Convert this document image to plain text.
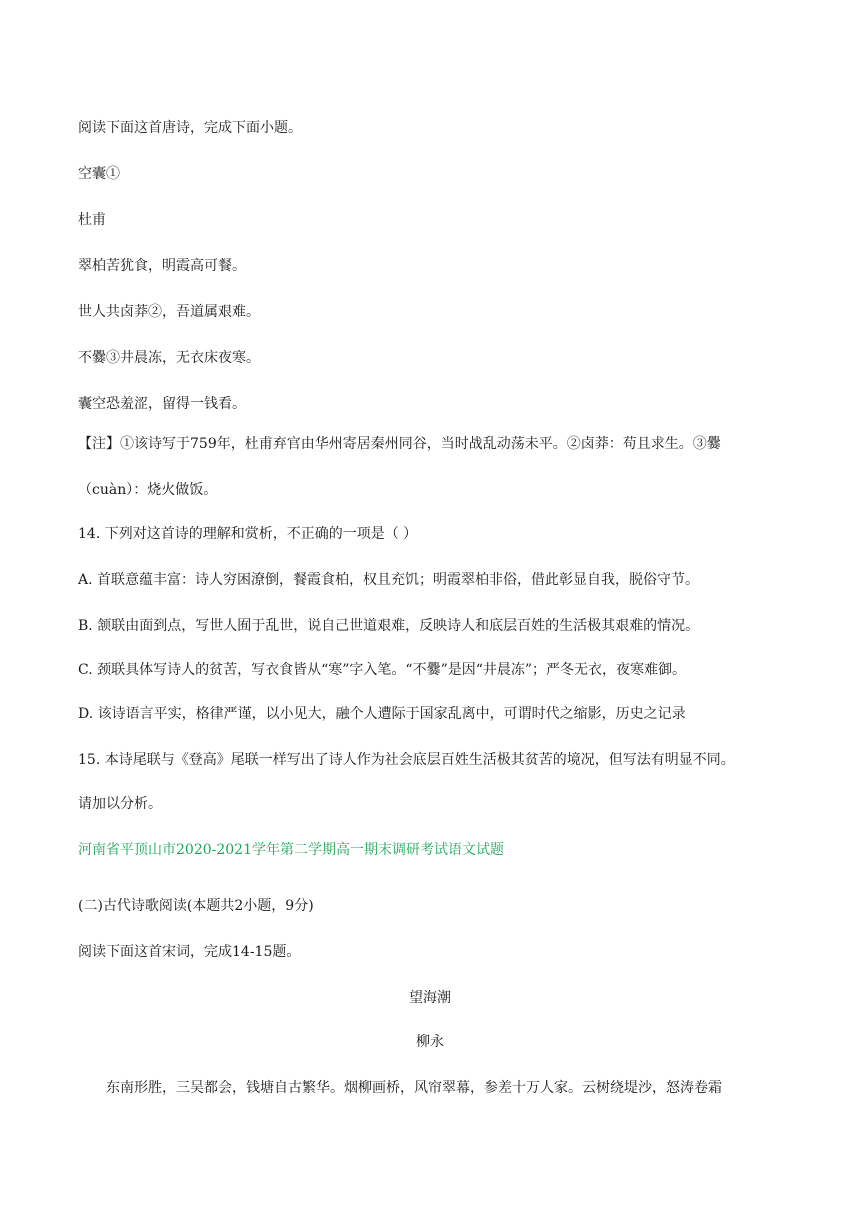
阅读下面这首唐诗，完成下面小题。
空囊①
杜甫
翠柏苦犹食，明霞高可餐。
世人共卤莽②，吾道属艰难。
不爨③井晨冻，无衣床夜寒。
囊空恐羞涩，留得一钱看。
【注】①该诗写于759年，杜甫弃官由华州寄居秦州同谷，当时战乱动荡未平。②卤莽：苟且求生。③爨
（cuàn）：烧火做饭。
14. 下列对这首诗的理解和赏析，不正确的一项是（ ）
A. 首联意蕴丰富：诗人穷困潦倒，餐霞食柏，权且充饥；明霞翠柏非俗，借此彰显自我，脱俗守节。
B. 颔联由面到点，写世人囿于乱世，说自己世道艰难，反映诗人和底层百姓的生活极其艰难的情况。
C. 颈联具体写诗人的贫苦，写衣食皆从“寒”字入笔。“不爨”是因“井晨冻”；严冬无衣，夜寒难御。
D. 该诗语言平实，格律严谨，以小见大，融个人遭际于国家乱离中，可谓时代之缩影，历史之记录
15. 本诗尾联与《登高》尾联一样写出了诗人作为社会底层百姓生活极其贫苦的境况，但写法有明显不同。
请加以分析。
河南省平顶山市2020-2021学年第二学期高一期末调研考试语文试题
(二)古代诗歌阅读(本题共2小题，9分)
阅读下面这首宋词，完成14-15题。
望海潮
柳永
东南形胜，三吴都会，钱塘自古繁华。烟柳画桥，风帘翠幕，参差十万人家。云树绕堤沙，怒涛卷霜
